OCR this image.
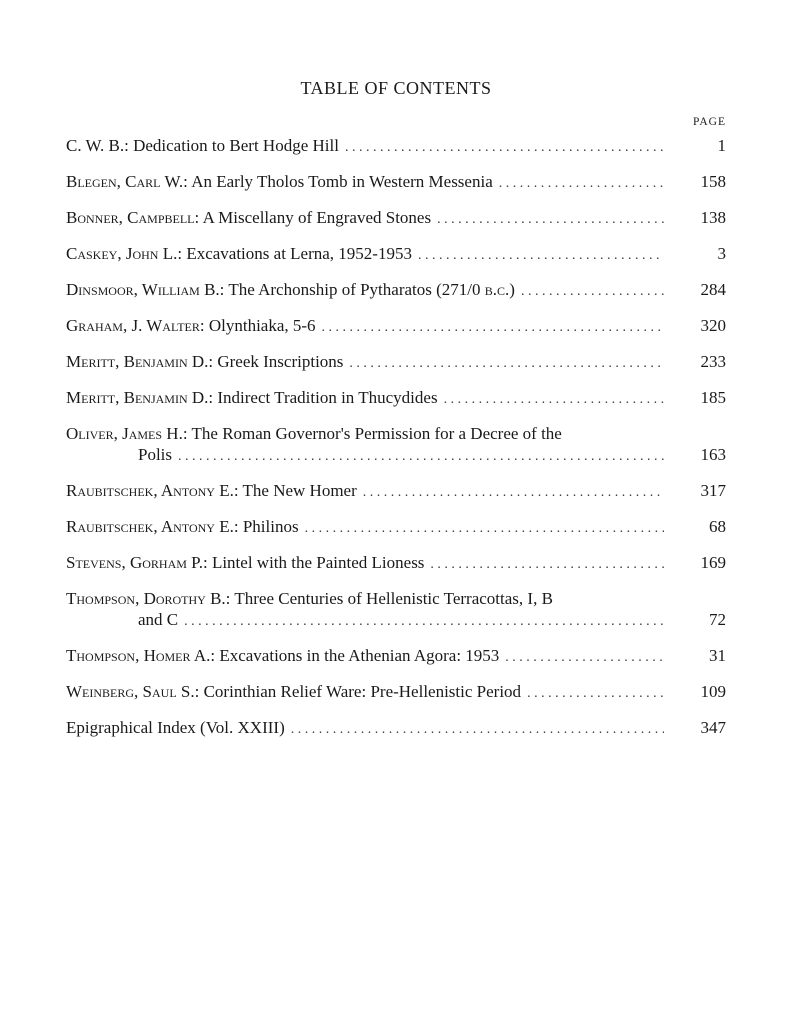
TABLE OF CONTENTS
PAGE
C. W. B.: Dedication to Bert Hodge Hill . . .	1
Blegen, Carl W.: An Early Tholos Tomb in Western Messenia . . .	158
Bonner, Campbell: A Miscellany of Engraved Stones . . .	138
Caskey, John L.: Excavations at Lerna, 1952-1953 . . .	3
Dinsmoor, William B.: The Archonship of Pytharatos (271/0 b.c.) . . .	284
Graham, J. Walter: Olynthiaka, 5-6 . . .	320
Meritt, Benjamin D.: Greek Inscriptions . . .	233
Meritt, Benjamin D.: Indirect Tradition in Thucydides . . .	185
Oliver, James H.: The Roman Governor's Permission for a Decree of the
Polis . . .	163
Raubitschek, Antony E.: The New Homer . . .	317
Raubitschek, Antony E.: Philinos . . .	68
Stevens, Gorham P.: Lintel with the Painted Lioness . . .	169
Thompson, Dorothy B.: Three Centuries of Hellenistic Terracottas, I, B
and C . . .	72
Thompson, Homer A.: Excavations in the Athenian Agora: 1953 . . .	31
Weinberg, Saul S.: Corinthian Relief Ware: Pre-Hellenistic Period . . .	109
Epigraphical Index (Vol. XXIII) . . .	347
